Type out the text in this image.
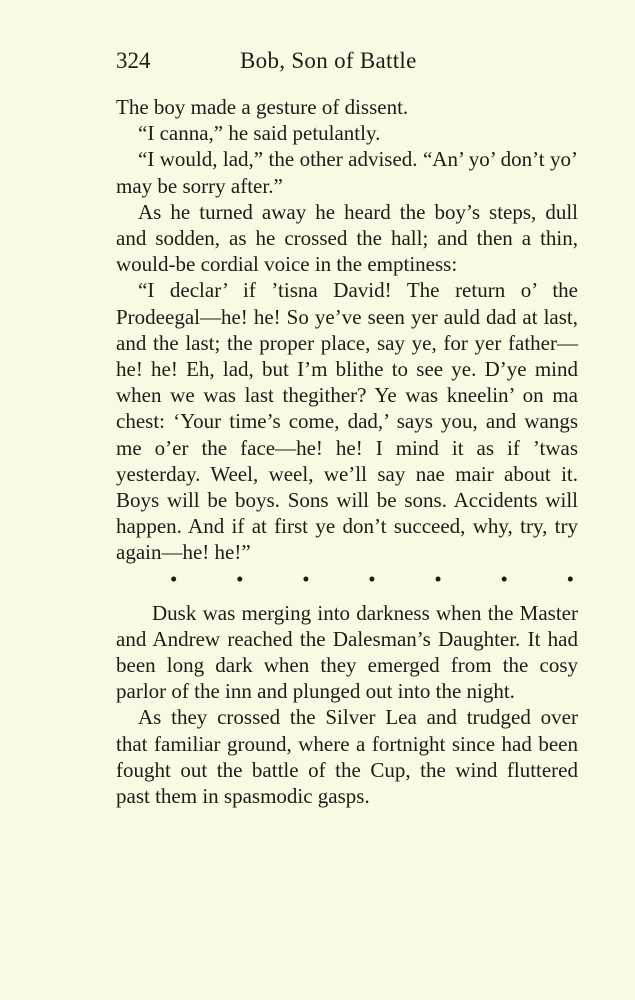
324	Bob, Son of Battle

The boy made a gesture of dissent.

“I canna,” he said petulantly.

“I would, lad,” the other advised. “An’ yo’ don’t yo’ may be sorry after.”

As he turned away he heard the boy’s steps, dull and sodden, as he crossed the hall; and then a thin, would-be cordial voice in the emptiness:

“I declar’ if ’tisna David! The return o’ the Prodeegal—he! he! So ye’ve seen yer auld dad at last, and the last; the proper place, say ye, for yer father—he! he! Eh, lad, but I’m blithe to see ye. D’ye mind when we was last thegither? Ye was kneelin’ on ma chest: ‘Your time’s come, dad,’ says you, and wangs me o’er the face—he! he! I mind it as if ’twas yesterday. Weel, weel, we’ll say nae mair about it. Boys will be boys. Sons will be sons. Accidents will happen. And if at first ye don’t succeed, why, try, try again—he! he!”

•	•	•	•	•	•	•

Dusk was merging into darkness when the Master and Andrew reached the Dalesman’s Daughter. It had been long dark when they emerged from the cosy parlor of the inn and plunged out into the night.

As they crossed the Silver Lea and trudged over that familiar ground, where a fortnight since had been fought out the battle of the Cup, the wind fluttered past them in spasmodic gasps.
